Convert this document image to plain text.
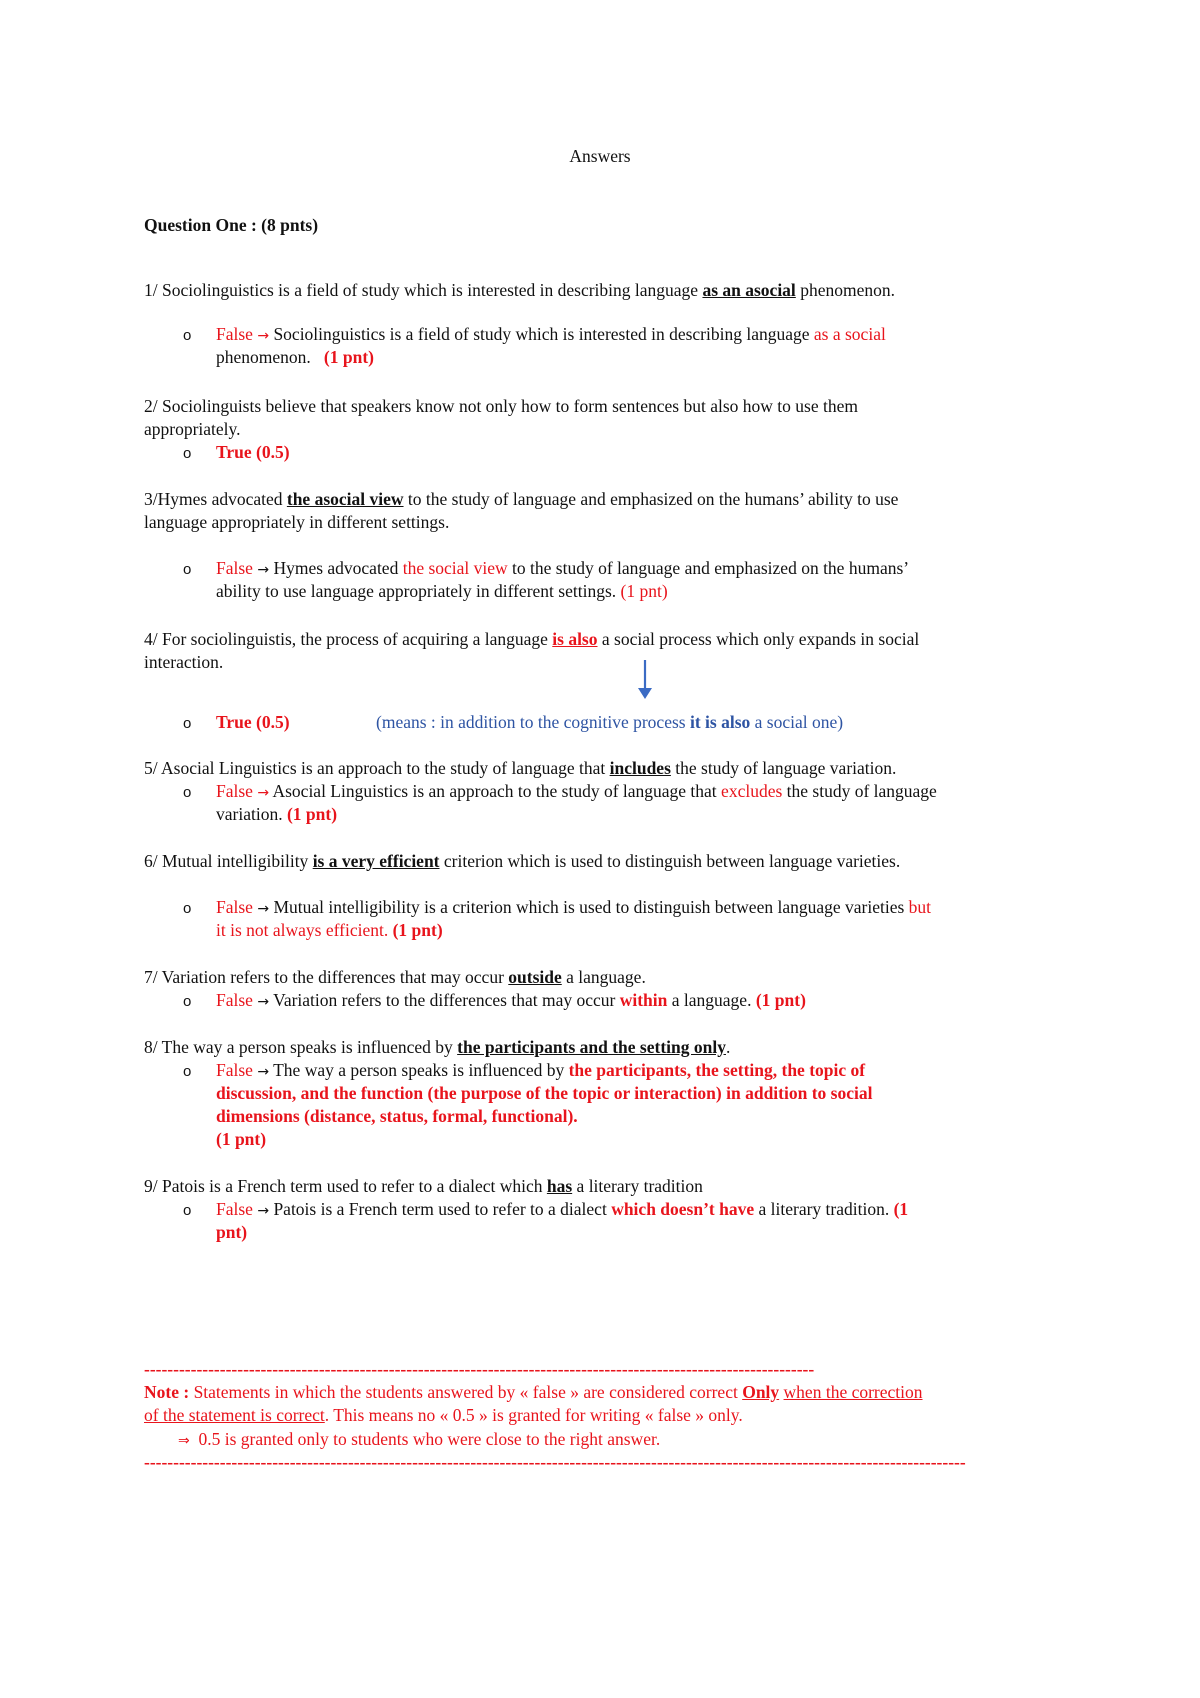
Answers
Question One : (8 pnts)
1/ Sociolinguistics is a field of study which is interested in describing language as an asocial phenomenon.
o False → Sociolinguistics is a field of study which is interested in describing language as a social
phenomenon. (1 pnt)
2/ Sociolinguists believe that speakers know not only how to form sentences but also how to use them
appropriately.
o True (0.5)
3/Hymes advocated the asocial view to the study of language and emphasized on the humans’ ability to use
language appropriately in different settings.
o False → Hymes advocated the social view to the study of language and emphasized on the humans’
ability to use language appropriately in different settings. (1 pnt)
4/ For sociolinguistis, the process of acquiring a language is also a social process which only expands in social
interaction.
o True (0.5)	(means : in addition to the cognitive process it is also a social one)
5/ Asocial Linguistics is an approach to the study of language that includes the study of language variation.
o False → Asocial Linguistics is an approach to the study of language that excludes the study of language
variation. (1 pnt)
6/ Mutual intelligibility is a very efficient criterion which is used to distinguish between language varieties.
o False → Mutual intelligibility is a criterion which is used to distinguish between language varieties but
it is not always efficient. (1 pnt)
7/ Variation refers to the differences that may occur outside a language.
o False → Variation refers to the differences that may occur within a language. (1 pnt)
8/ The way a person speaks is influenced by the participants and the setting only.
o False → The way a person speaks is influenced by the participants, the setting, the topic of
discussion, and the function (the purpose of the topic or interaction) in addition to social
dimensions (distance, status, formal, functional).
(1 pnt)
9/ Patois is a French term used to refer to a dialect which has a literary tradition
o False → Patois is a French term used to refer to a dialect which doesn’t have a literary tradition. (1
pnt)
-------------------------------------------------------------------------------------------------------------------
Note : Statements in which the students answered by « false » are considered correct Only when the correction
of the statement is correct. This means no « 0.5 » is granted for writing « false » only.
⇒ 0.5 is granted only to students who were close to the right answer.
---------------------------------------------------------------------------------------------------------------------------------------------
